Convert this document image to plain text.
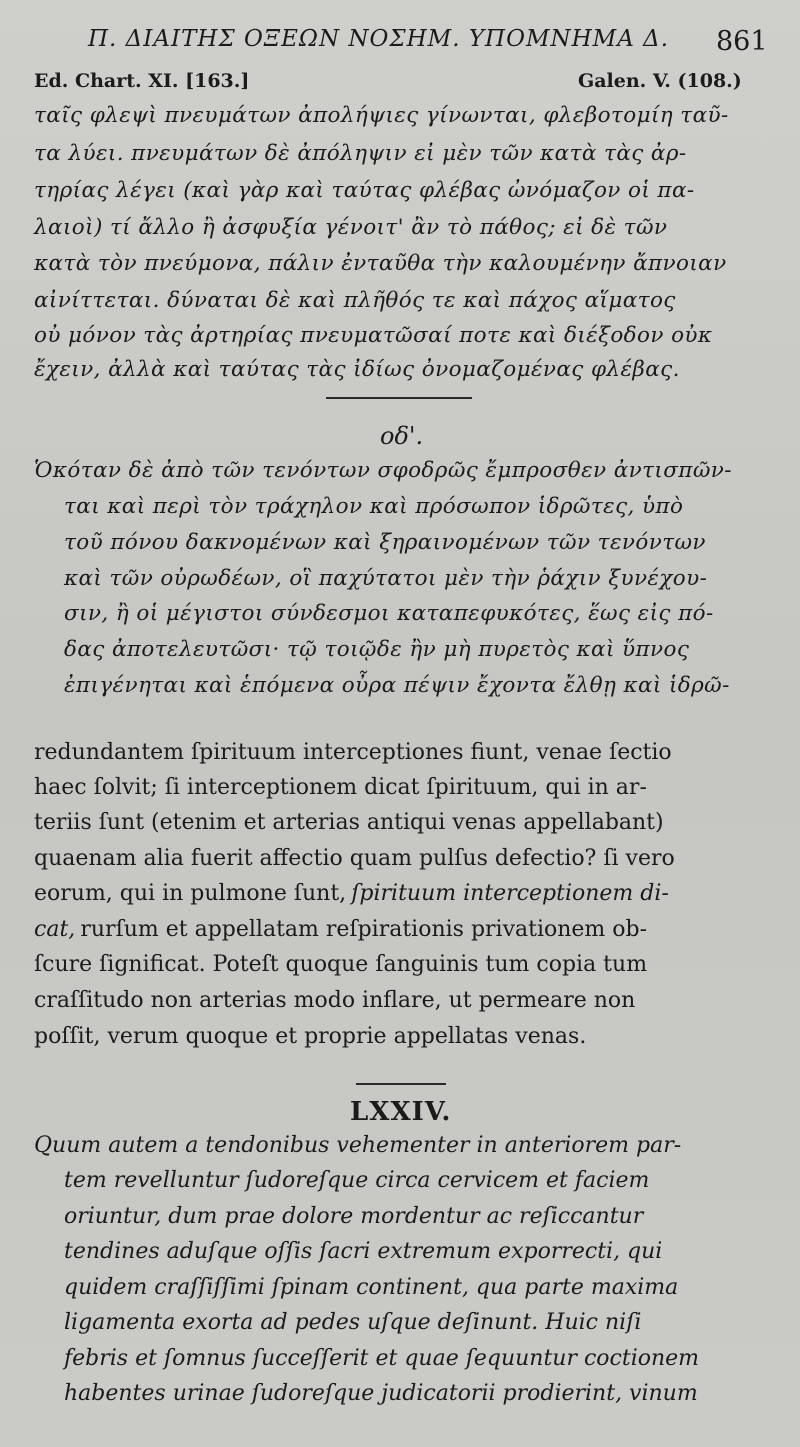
Π. ΔΙΑΙΤΗΣ ΟΞΕΩΝ ΝΟΣΗΜ. ΥΠΟΜΝΗΜΑ Δ.	861
Ed. Chart. XI. [163.]	Galen. V. (108.)
ταῖς φλεψὶ πνευμάτων ἀπολήψιες γίνωνται, φλεβοτομίη ταῦ-
τα λύει. πνευμάτων δὲ ἀπόληψιν εἰ μὲν τῶν κατὰ τὰς ἀρ-
τηρίας λέγει (καὶ γὰρ καὶ ταύτας φλέβας ὠνόμαζον οἱ πα-
λαιοὶ) τί ἄλλο ἢ ἀσφυξία γένοιτ' ἂν τὸ πάθος; εἰ δὲ τῶν
κατὰ τὸν πνεύμονα, πάλιν ἐνταῦθα τὴν καλουμένην ἄπνοιαν
αἰνίττεται. δύναται δὲ καὶ πλῆθός τε καὶ πάχος αἵματος
οὐ μόνον τὰς ἀρτηρίας πνευματῶσαί ποτε καὶ διέξοδον οὐκ
ἔχειν, ἀλλὰ καὶ ταύτας τὰς ἰδίως ὀνομαζομένας φλέβας.
οδ'.
Ὁκόταν δὲ ἀπὸ τῶν τενόντων σφοδρῶς ἔμπροσθεν ἀντισπῶν-
ται καὶ περὶ τὸν τράχηλον καὶ πρόσωπον ἱδρῶτες, ὑπὸ
τοῦ πόνου δακνομένων καὶ ξηραινομένων τῶν τενόντων
καὶ τῶν οὐρωδέων, οἳ παχύτατοι μὲν τὴν ῥάχιν ξυνέχου-
σιν, ἢ οἱ μέγιστοι σύνδεσμοι καταπεφυκότες, ἕως εἰς πό-
δας ἀποτελευτῶσι· τῷ τοιῷδε ἢν μὴ πυρετὸς καὶ ὕπνος
ἐπιγένηται καὶ ἑπόμενα οὖρα πέψιν ἔχοντα ἔλθῃ καὶ ἱδρῶ-
redundantem ſpirituum interceptiones fiunt, venae ſectio
haec ſolvit; ſi interceptionem dicat ſpirituum, qui in ar-
teriis ſunt (etenim et arterias antiqui venas appellabant)
quaenam alia fuerit affectio quam pulſus defectio? ſi vero
eorum, qui in pulmone ſunt, ſpirituum interceptionem di-
cat, rurſum et appellatam reſpirationis privationem ob-
ſcure ſignificat. Poteſt quoque ſanguinis tum copia tum
craſſitudo non arterias modo inflare, ut permeare non
poſſit, verum quoque et proprie appellatas venas.
LXXIV.
Quum autem a tendonibus vehementer in anteriorem par-
tem revelluntur ſudoreſque circa cervicem et faciem
oriuntur, dum prae dolore mordentur ac reſiccantur
tendines aduſque oſſis ſacri extremum exporrecti, qui
quidem craſſiſſimi ſpinam continent, qua parte maxima
ligamenta exorta ad pedes uſque deſinunt. Huic niſi
febris et ſomnus ſucceſſerit et quae ſequuntur coctionem
habentes urinae ſudoreſque judicatorii prodierint, vinum
